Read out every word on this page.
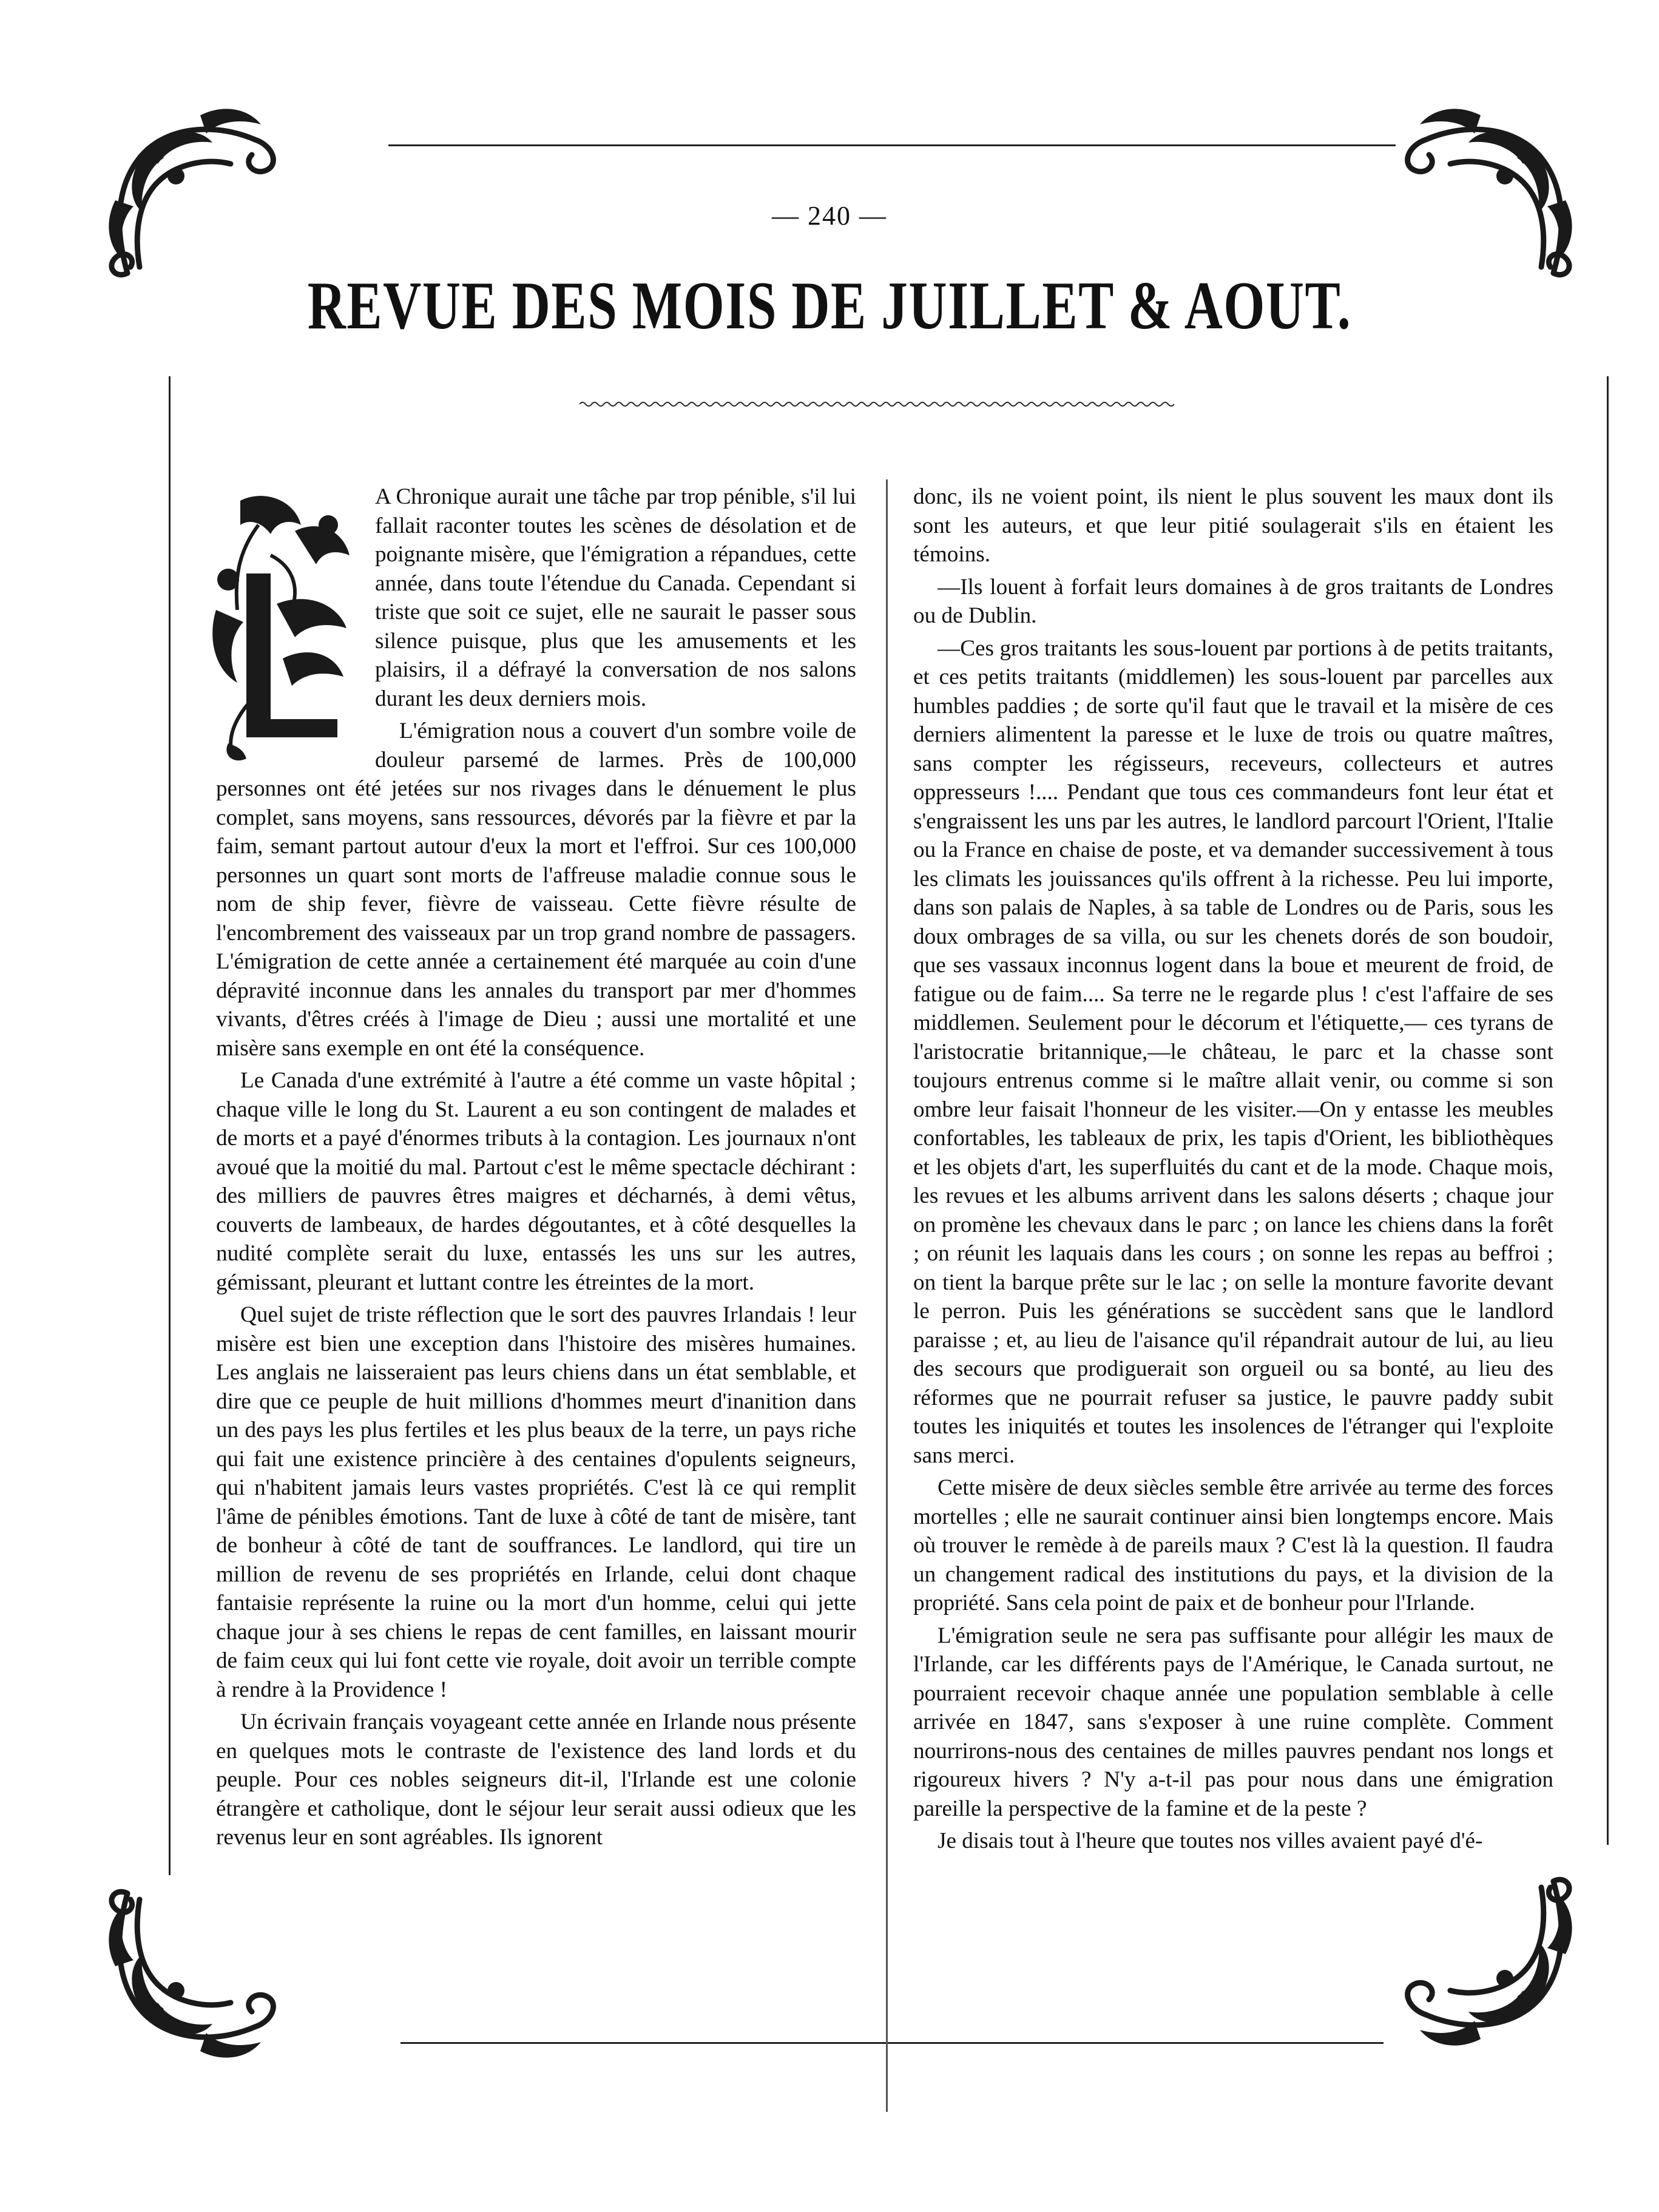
— 240 —
REVUE DES MOIS DE JUILLET & AOUT.

A Chronique aurait une tâche par trop pénible, s'il lui fallait raconter toutes les scènes de désolation et de poignante misère, que l'émigration a répandues, cette année, dans toute l'étendue du Canada. Cependant si triste que soit ce sujet, elle ne saurait le passer sous silence puisque, plus que les amusements et les plaisirs, il a défrayé la conversation de nos salons durant les deux derniers mois.

L'émigration nous a couvert d'un sombre voile de douleur parsemé de larmes. Près de 100,000 personnes ont été jetées sur nos rivages dans le dénuement le plus complet, sans moyens, sans ressources, dévorés par la fièvre et par la faim, semant partout autour d'eux la mort et l'effroi. Sur ces 100,000 personnes un quart sont morts de l'affreuse maladie connue sous le nom de ship fever, fièvre de vaisseau. Cette fièvre résulte de l'encombrement des vaisseaux par un trop grand nombre de passagers. L'émigration de cette année a certainement été marquée au coin d'une dépravité inconnue dans les annales du transport par mer d'hommes vivants, d'êtres créés à l'image de Dieu ; aussi une mortalité et une misère sans exemple en ont été la conséquence.

Le Canada d'une extrémité à l'autre a été comme un vaste hôpital ; chaque ville le long du St. Laurent a eu son contingent de malades et de morts et a payé d'énormes tributs à la contagion. Les journaux n'ont avoué que la moitié du mal. Partout c'est le même spectacle déchirant : des milliers de pauvres êtres maigres et décharnés, à demi vêtus, couverts de lambeaux, de hardes dégoutantes, et à côté desquelles la nudité complète serait du luxe, entassés les uns sur les autres, gémissant, pleurant et luttant contre les étreintes de la mort.

Quel sujet de triste réflection que le sort des pauvres Irlandais ! leur misère est bien une exception dans l'histoire des misères humaines. Les anglais ne laisseraient pas leurs chiens dans un état semblable, et dire que ce peuple de huit millions d'hommes meurt d'inanition dans un des pays les plus fertiles et les plus beaux de la terre, un pays riche qui fait une existence princière à des centaines d'opulents seigneurs, qui n'habitent jamais leurs vastes propriétés. C'est là ce qui remplit l'âme de pénibles émotions. Tant de luxe à côté de tant de misère, tant de bonheur à côté de tant de souffrances. Le landlord, qui tire un million de revenu de ses propriétés en Irlande, celui dont chaque fantaisie représente la ruine ou la mort d'un homme, celui qui jette chaque jour à ses chiens le repas de cent familles, en laissant mourir de faim ceux qui lui font cette vie royale, doit avoir un terrible compte à rendre à la Providence !

Un écrivain français voyageant cette année en Irlande nous présente en quelques mots le contraste de l'existence des land lords et du peuple. Pour ces nobles seigneurs dit-il, l'Irlande est une colonie étrangère et catholique, dont le séjour leur serait aussi odieux que les revenus leur en sont agréables. Ils ignorent

donc, ils ne voient point, ils nient le plus souvent les maux dont ils sont les auteurs, et que leur pitié soulagerait s'ils en étaient les témoins.

—Ils louent à forfait leurs domaines à de gros traitants de Londres ou de Dublin.

—Ces gros traitants les sous-louent par portions à de petits traitants, et ces petits traitants (middlemen) les sous-louent par parcelles aux humbles paddies ; de sorte qu'il faut que le travail et la misère de ces derniers alimentent la paresse et le luxe de trois ou quatre maîtres, sans compter les régisseurs, receveurs, collecteurs et autres oppresseurs !.... Pendant que tous ces commandeurs font leur état et s'engraissent les uns par les autres, le landlord parcourt l'Orient, l'Italie ou la France en chaise de poste, et va demander successivement à tous les climats les jouissances qu'ils offrent à la richesse. Peu lui importe, dans son palais de Naples, à sa table de Londres ou de Paris, sous les doux ombrages de sa villa, ou sur les chenets dorés de son boudoir, que ses vassaux inconnus logent dans la boue et meurent de froid, de fatigue ou de faim.... Sa terre ne le regarde plus ! c'est l'affaire de ses middlemen. Seulement pour le décorum et l'étiquette,— ces tyrans de l'aristocratie britannique,—le château, le parc et la chasse sont toujours entrenus comme si le maître allait venir, ou comme si son ombre leur faisait l'honneur de les visiter.—On y entasse les meubles confortables, les tableaux de prix, les tapis d'Orient, les bibliothèques et les objets d'art, les superfluités du cant et de la mode. Chaque mois, les revues et les albums arrivent dans les salons déserts ; chaque jour on promène les chevaux dans le parc ; on lance les chiens dans la forêt ; on réunit les laquais dans les cours ; on sonne les repas au beffroi ; on tient la barque prête sur le lac ; on selle la monture favorite devant le perron. Puis les générations se succèdent sans que le landlord paraisse ; et, au lieu de l'aisance qu'il répandrait autour de lui, au lieu des secours que prodiguerait son orgueil ou sa bonté, au lieu des réformes que ne pourrait refuser sa justice, le pauvre paddy subit toutes les iniquités et toutes les insolences de l'étranger qui l'exploite sans merci.

Cette misère de deux siècles semble être arrivée au terme des forces mortelles ; elle ne saurait continuer ainsi bien longtemps encore. Mais où trouver le remède à de pareils maux ? C'est là la question. Il faudra un changement radical des institutions du pays, et la division de la propriété. Sans cela point de paix et de bonheur pour l'Irlande.

L'émigration seule ne sera pas suffisante pour allégir les maux de l'Irlande, car les différents pays de l'Amérique, le Canada surtout, ne pourraient recevoir chaque année une population semblable à celle arrivée en 1847, sans s'exposer à une ruine complète. Comment nourrirons-nous des centaines de milles pauvres pendant nos longs et rigoureux hivers ? N'y a-t-il pas pour nous dans une émigration pareille la perspective de la famine et de la peste ?

Je disais tout à l'heure que toutes nos villes avaient payé d'é-
